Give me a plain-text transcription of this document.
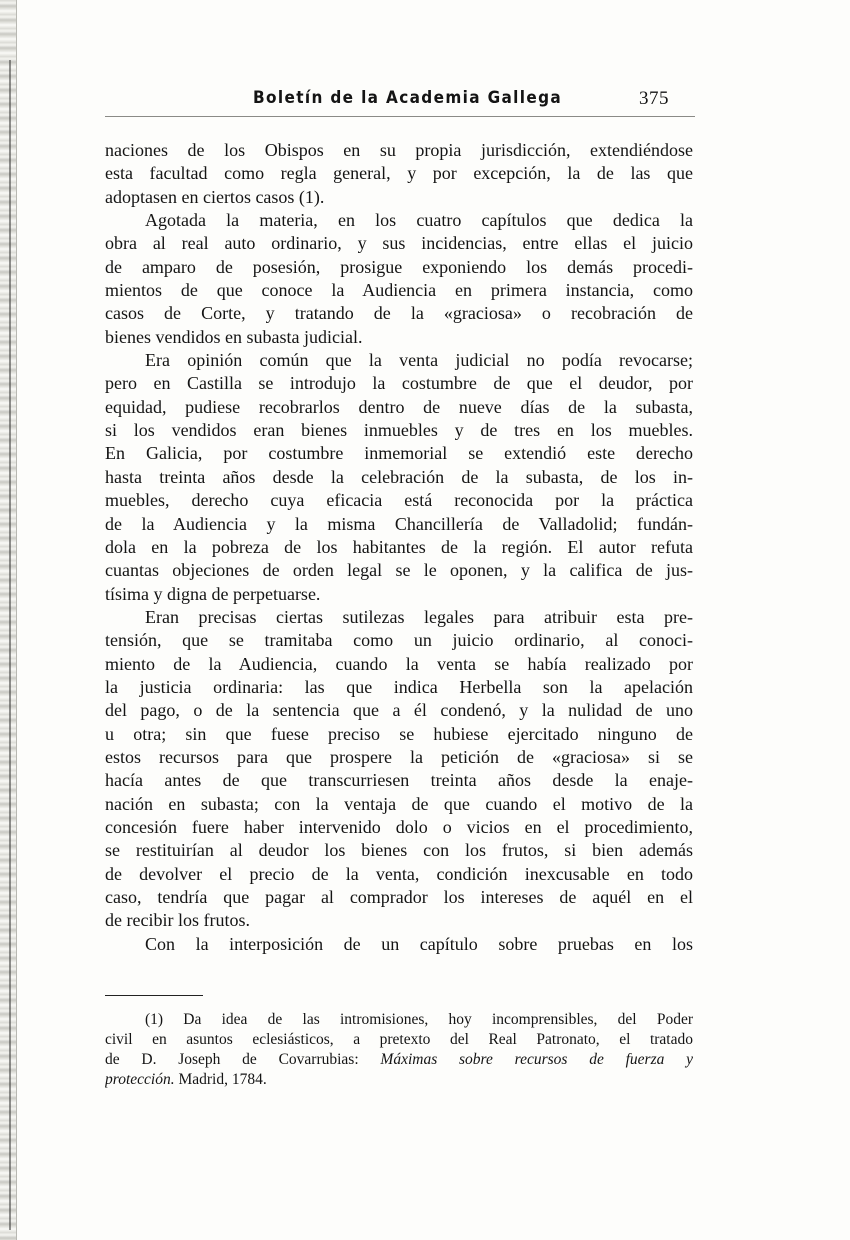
Boletín de la Academia Gallega	375
naciones de los Obispos en su propia jurisdicción, extendiéndose
esta facultad como regla general, y por excepción, la de las que
adoptasen en ciertos casos (1).
Agotada la materia, en los cuatro capítulos que dedica la
obra al real auto ordinario, y sus incidencias, entre ellas el juicio
de amparo de posesión, prosigue exponiendo los demás procedi-
mientos de que conoce la Audiencia en primera instancia, como
casos de Corte, y tratando de la «graciosa» o recobración de
bienes vendidos en subasta judicial.
Era opinión común que la venta judicial no podía revocarse;
pero en Castilla se introdujo la costumbre de que el deudor, por
equidad, pudiese recobrarlos dentro de nueve días de la subasta,
si los vendidos eran bienes inmuebles y de tres en los muebles.
En Galicia, por costumbre inmemorial se extendió este derecho
hasta treinta años desde la celebración de la subasta, de los in-
muebles, derecho cuya eficacia está reconocida por la práctica
de la Audiencia y la misma Chancillería de Valladolid; fundán-
dola en la pobreza de los habitantes de la región. El autor refuta
cuantas objeciones de orden legal se le oponen, y la califica de jus-
tísima y digna de perpetuarse.
Eran precisas ciertas sutilezas legales para atribuir esta pre-
tensión, que se tramitaba como un juicio ordinario, al conoci-
miento de la Audiencia, cuando la venta se había realizado por
la justicia ordinaria: las que indica Herbella son la apelación
del pago, o de la sentencia que a él condenó, y la nulidad de uno
u otra; sin que fuese preciso se hubiese ejercitado ninguno de
estos recursos para que prospere la petición de «graciosa» si se
hacía antes de que transcurriesen treinta años desde la enaje-
nación en subasta; con la ventaja de que cuando el motivo de la
concesión fuere haber intervenido dolo o vicios en el procedimiento,
se restituirían al deudor los bienes con los frutos, si bien además
de devolver el precio de la venta, condición inexcusable en todo
caso, tendría que pagar al comprador los intereses de aquél en el
de recibir los frutos.
Con la interposición de un capítulo sobre pruebas en los
(1) Da idea de las intromisiones, hoy incomprensibles, del Poder
civil en asuntos eclesiásticos, a pretexto del Real Patronato, el tratado
de D. Joseph de Covarrubias: Máximas sobre recursos de fuerza y
protección. Madrid, 1784.
